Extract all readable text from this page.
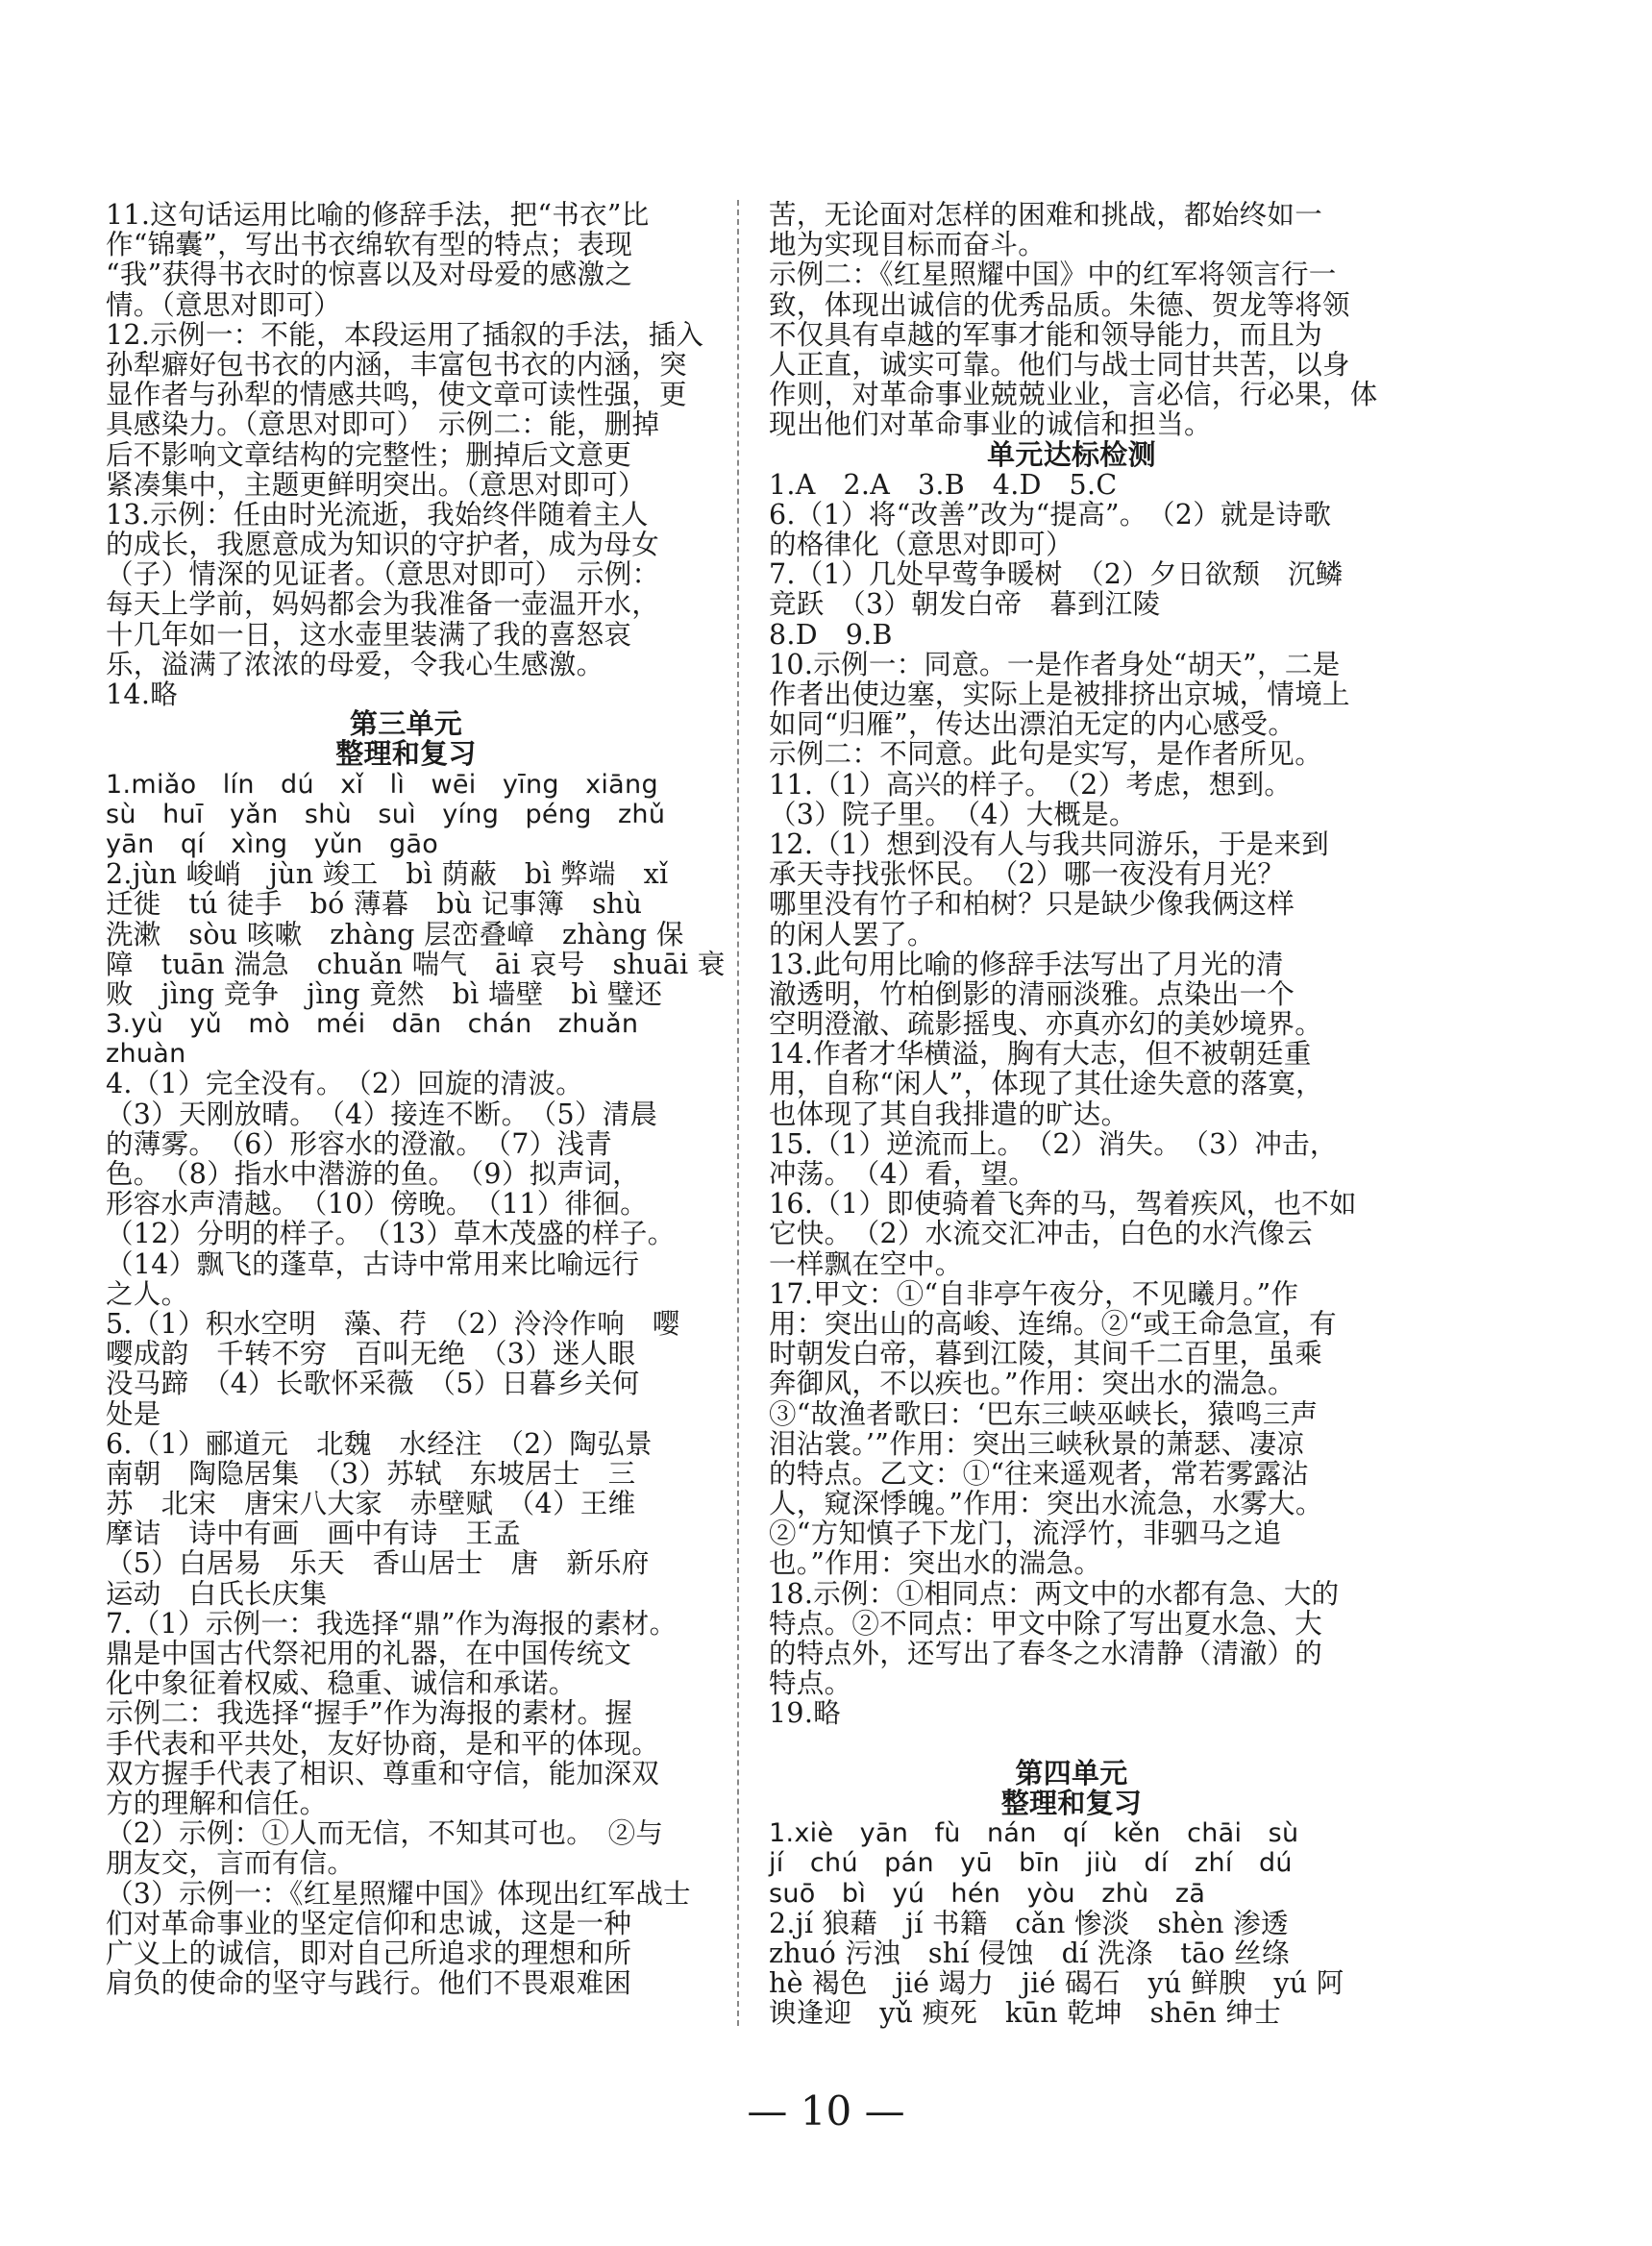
11.这句话运用比喻的修辞手法，把“书衣”比
作“锦囊”，写出书衣绵软有型的特点；表现
“我”获得书衣时的惊喜以及对母爱的感激之
情。（意思对即可）
12.示例一：不能，本段运用了插叙的手法，插入
孙犁癖好包书衣的内涵，丰富包书衣的内涵，突
显作者与孙犁的情感共鸣，使文章可读性强，更
具感染力。（意思对即可）　示例二：能，删掉
后不影响文章结构的完整性；删掉后文意更
紧凑集中，主题更鲜明突出。（意思对即可）
13.示例：任由时光流逝，我始终伴随着主人
的成长，我愿意成为知识的守护者，成为母女
（子）情深的见证者。（意思对即可）　示例：
每天上学前，妈妈都会为我准备一壶温开水，
十几年如一日，这水壶里装满了我的喜怒哀
乐，溢满了浓浓的母爱，令我心生感激。
14.略
第三单元
整理和复习
1.miǎo　lín　dú　xǐ　lì　wēi　yīng　xiāng
sù　huī　yǎn　shù　suì　yíng　péng　zhǔ
yān　qí　xìng　yǔn　gāo
2.jùn 峻峭　jùn 竣工　bì 荫蔽　bì 弊端　xǐ
迁徙　tú 徒手　bó 薄暮　bù 记事簿　shù
洗漱　sòu 咳嗽　zhàng 层峦叠嶂　zhàng 保
障　tuān 湍急　chuǎn 喘气　āi 哀号　shuāi 衰
败　jìng 竞争　jìng 竟然　bì 墙壁　bì 璧还
3.yù　yǔ　mò　méi　dān　chán　zhuǎn
zhuàn
4.（1）完全没有。　（2）回旋的清波。
（3）天刚放晴。　（4）接连不断。　（5）清晨
的薄雾。　（6）形容水的澄澈。　（7）浅青
色。　（8）指水中潜游的鱼。　（9）拟声词，
形容水声清越。　（10）傍晚。　（11）徘徊。
（12）分明的样子。　（13）草木茂盛的样子。
（14）飘飞的蓬草，古诗中常用来比喻远行
之人。
5.（1）积水空明　藻、荇　（2）泠泠作响　嘤
嘤成韵　千转不穷　百叫无绝　（3）迷人眼
没马蹄　（4）长歌怀采薇　（5）日暮乡关何
处是
6.（1）郦道元　北魏　水经注　（2）陶弘景
南朝　陶隐居集　（3）苏轼　东坡居士　三
苏　北宋　唐宋八大家　赤壁赋　（4）王维
摩诘　诗中有画　画中有诗　王孟
（5）白居易　乐天　香山居士　唐　新乐府
运动　白氏长庆集
7.（1）示例一：我选择“鼎”作为海报的素材。
鼎是中国古代祭祀用的礼器，在中国传统文
化中象征着权威、稳重、诚信和承诺。
示例二：我选择“握手”作为海报的素材。握
手代表和平共处，友好协商，是和平的体现。
双方握手代表了相识、尊重和守信，能加深双
方的理解和信任。
（2）示例：①人而无信，不知其可也。　②与
朋友交，言而有信。
（3）示例一：《红星照耀中国》体现出红军战士
们对革命事业的坚定信仰和忠诚，这是一种
广义上的诚信，即对自己所追求的理想和所
肩负的使命的坚守与践行。他们不畏艰难困
苦，无论面对怎样的困难和挑战，都始终如一
地为实现目标而奋斗。
示例二：《红星照耀中国》中的红军将领言行一
致，体现出诚信的优秀品质。朱德、贺龙等将领
不仅具有卓越的军事才能和领导能力，而且为
人正直，诚实可靠。他们与战士同甘共苦，以身
作则，对革命事业兢兢业业，言必信，行必果，体
现出他们对革命事业的诚信和担当。
单元达标检测
1.A　2.A　3.B　4.D　5.C
6.（1）将“改善”改为“提高”。　（2）就是诗歌
的格律化（意思对即可）
7.（1）几处早莺争暖树　（2）夕日欲颓　沉鳞
竞跃　（3）朝发白帝　暮到江陵
8.D　9.B
10.示例一：同意。一是作者身处“胡天”，二是
作者出使边塞，实际上是被排挤出京城，情境上
如同“归雁”，传达出漂泊无定的内心感受。
示例二：不同意。此句是实写，是作者所见。
11.（1）高兴的样子。　（2）考虑，想到。
（3）院子里。　（4）大概是。
12.（1）想到没有人与我共同游乐，于是来到
承天寺找张怀民。　（2）哪一夜没有月光？
哪里没有竹子和柏树？只是缺少像我俩这样
的闲人罢了。
13.此句用比喻的修辞手法写出了月光的清
澈透明，竹柏倒影的清丽淡雅。点染出一个
空明澄澈、疏影摇曳、亦真亦幻的美妙境界。
14.作者才华横溢，胸有大志，但不被朝廷重
用，自称“闲人”，体现了其仕途失意的落寞，
也体现了其自我排遣的旷达。
15.（1）逆流而上。　（2）消失。　（3）冲击，
冲荡。　（4）看，望。
16.（1）即使骑着飞奔的马，驾着疾风，也不如
它快。　（2）水流交汇冲击，白色的水汽像云
一样飘在空中。
17.甲文：①“自非亭午夜分，不见曦月。”作
用：突出山的高峻、连绵。②“或王命急宣，有
时朝发白帝，暮到江陵，其间千二百里，虽乘
奔御风，不以疾也。”作用：突出水的湍急。
③“故渔者歌曰：‘巴东三峡巫峡长，猿鸣三声
泪沾裳。’”作用：突出三峡秋景的萧瑟、凄凉
的特点。乙文：①“往来遥观者，常若雾露沾
人，窥深悸魄。”作用：突出水流急，水雾大。
②“方知慎子下龙门，流浮竹，非驷马之追
也。”作用：突出水的湍急。
18.示例：①相同点：两文中的水都有急、大的
特点。②不同点：甲文中除了写出夏水急、大
的特点外，还写出了春冬之水清静（清澈）的
特点。
19.略
第四单元
整理和复习
1.xiè　yān　fù　nán　qí　kěn　chāi　sù
jí　chú　pán　yū　bīn　jiù　dí　zhí　dú
suō　bì　yú　hén　yòu　zhù　zā
2.jí 狼藉　jí 书籍　cǎn 惨淡　shèn 渗透
zhuó 污浊　shí 侵蚀　dí 洗涤　tāo 丝绦
hè 褐色　jié 竭力　jié 碣石　yú 鲜腴　yú 阿
谀逢迎　yǔ 瘐死　kūn 乾坤　shēn 绅士
— 10 —
